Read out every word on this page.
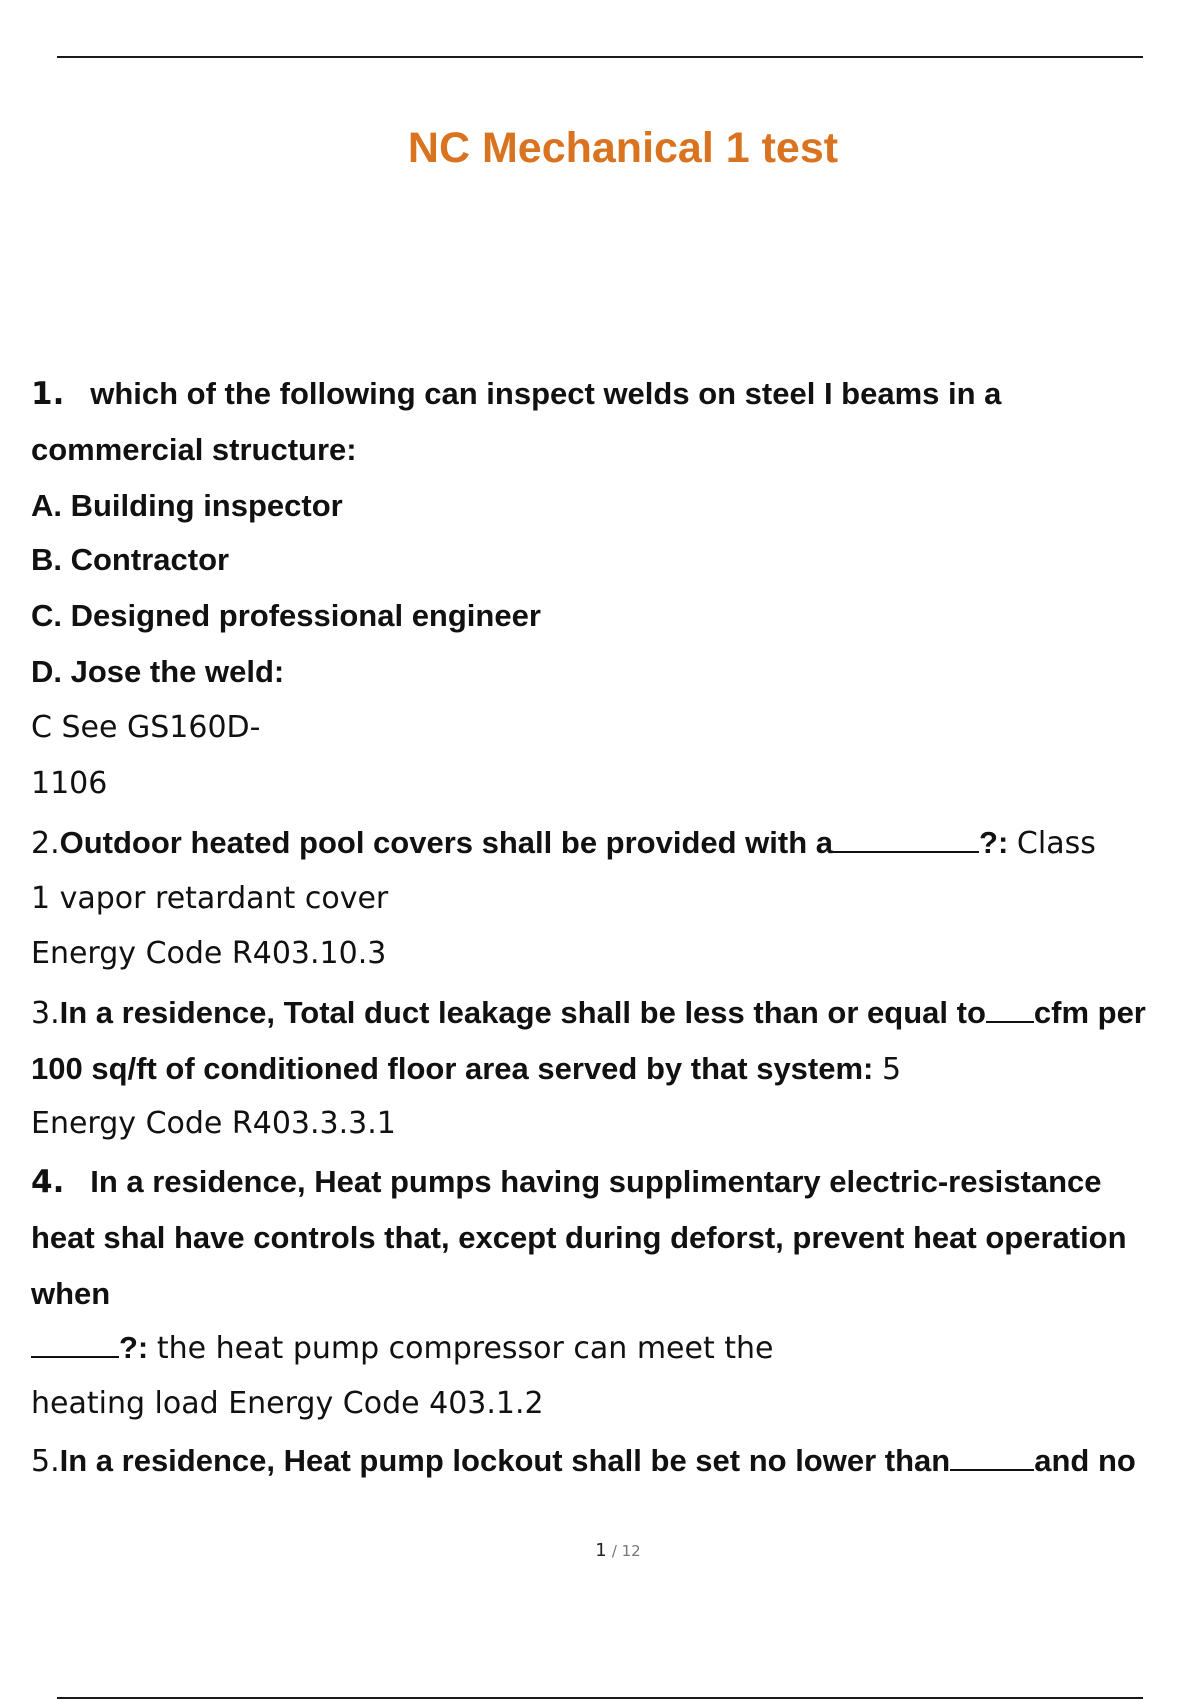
NC Mechanical 1 test
1. which of the following can inspect welds on steel I beams in a
commercial structure:
A. Building inspector
B. Contractor
C. Designed professional engineer
D. Jose the weld:
C See GS160D-
1106
2.Outdoor heated pool covers shall be provided with a	?: Class
1 vapor retardant cover
Energy Code R403.10.3
3.In a residence, Total duct leakage shall be less than or equal to cfm per
100 sq/ft of conditioned floor area served by that system: 5
Energy Code R403.3.3.1
4. In a residence, Heat pumps having supplimentary electric-resistance
heat shal have controls that, except during deforst, prevent heat operation
when
?: the heat pump compressor can meet the
heating load Energy Code 403.1.2
5.In a residence, Heat pump lockout shall be set no lower than	and no
1 / 12
